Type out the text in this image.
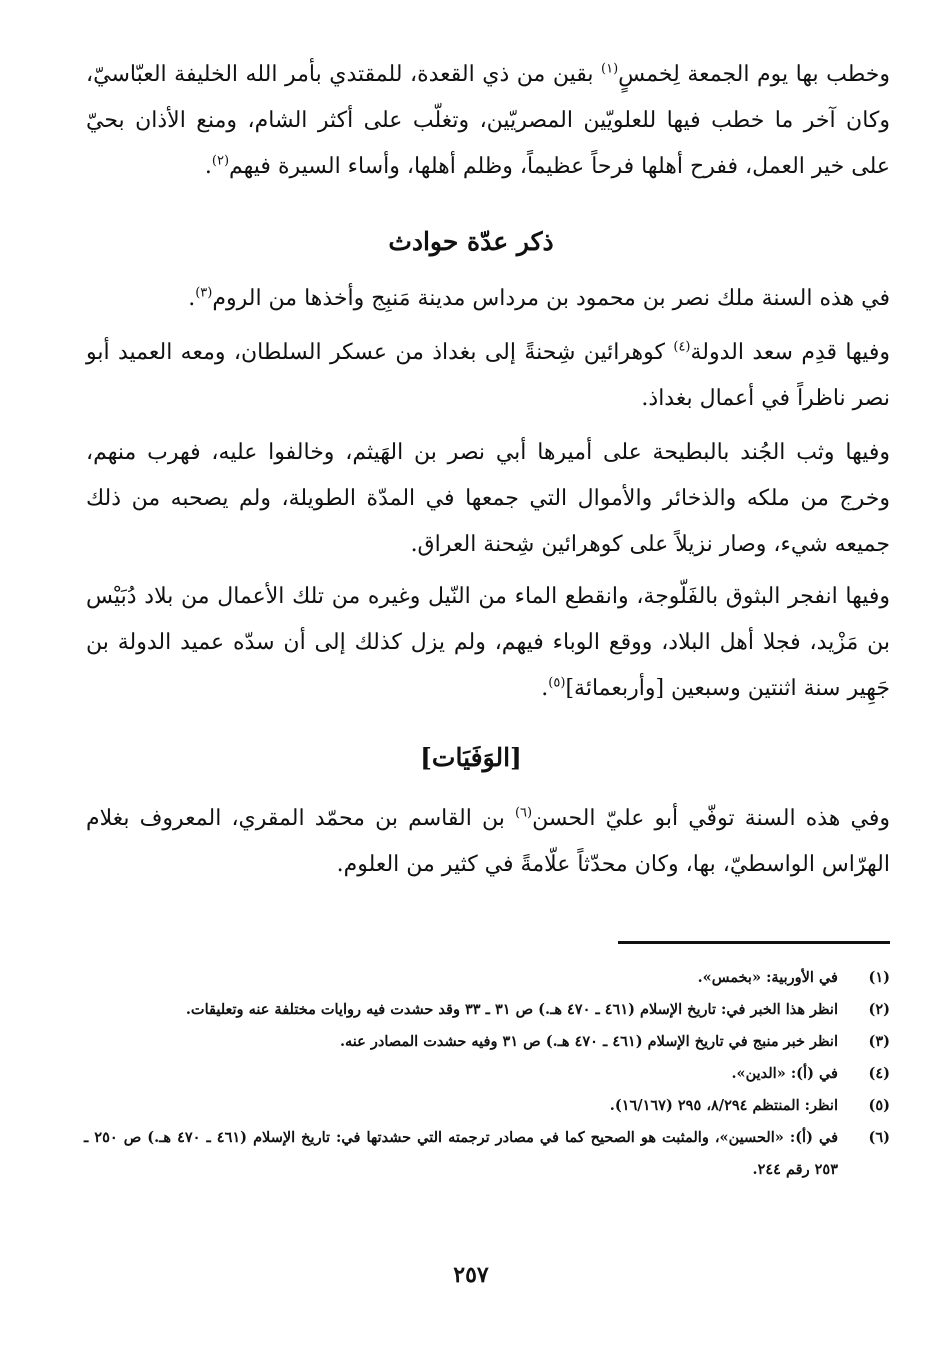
وخطب بها يوم الجمعة لِخمسٍ$^{(١)}$ بقين من ذي القعدة، للمقتدي بأمر الله الخليفة العبّاسيّ، وكان آخر ما خطب فيها للعلويّين المصريّين، وتغلّب على أكثر الشام، ومنع الأذان بحيّ على خير العمل، ففرح أهلها فرحاً عظيماً، وظلم أهلها، وأساء السيرة فيهم$^{(٢)}$.

ذكر عدّة حوادث

في هذه السنة ملك نصر بن محمود بن مرداس مدينة مَنبِج وأخذها من الروم$^{(٣)}$.

وفيها قدِم سعد الدولة$^{(٤)}$ كوهرائين شِحنةً إلى بغداذ من عسكر السلطان، ومعه العميد أبو نصر ناظراً في أعمال بغداذ.

وفيها وثب الجُند بالبطيحة على أميرها أبي نصر بن الهَيثم، وخالفوا عليه، فهرب منهم، وخرج من ملكه والذخائر والأموال التي جمعها في المدّة الطويلة، ولم يصحبه من ذلك جميعه شيء، وصار نزيلاً على كوهرائين شِحنة العراق.

وفيها انفجر البثوق بالفَلّوجة، وانقطع الماء من النّيل وغيره من تلك الأعمال من بلاد دُبَيْس بن مَزْيد، فجلا أهل البلاد، ووقع الوباء فيهم، ولم يزل كذلك إلى أن سدّه عميد الدولة بن جَهِير سنة اثنتين وسبعين [وأربعمائة]$^{(٥)}$.

[الوَفَيَات]

وفي هذه السنة توفّي أبو عليّ الحسن$^{(٦)}$ بن القاسم بن محمّد المقري، المعروف بغلام الهرّاس الواسطيّ، بها، وكان محدّثاً علّامةً في كثير من العلوم.

(١)
في الأوربية: «بخمس».

(٢)
انظر هذا الخبر في: تاريخ الإسلام (٤٦١ ـ ٤٧٠ هـ.) ص ٣١ ـ ٣٣ وقد حشدت فيه روايات مختلفة عنه وتعليقات.

(٣)
انظر خبر منبج في تاريخ الإسلام (٤٦١ ـ ٤٧٠ هـ.) ص ٣١ وفيه حشدت المصادر عنه.

(٤)
في (أ): «الدين».

(٥)
انظر: المنتظم ٨/٢٩٤، ٢٩٥ (١٦/١٦٧).

(٦)
في (أ): «الحسين»، والمثبت هو الصحيح كما في مصادر ترجمته التي حشدتها في: تاريخ الإسلام (٤٦١ ـ ٤٧٠ هـ.) ص ٢٥٠ ـ ٢٥٣ رقم ٢٤٤.

٢٥٧
